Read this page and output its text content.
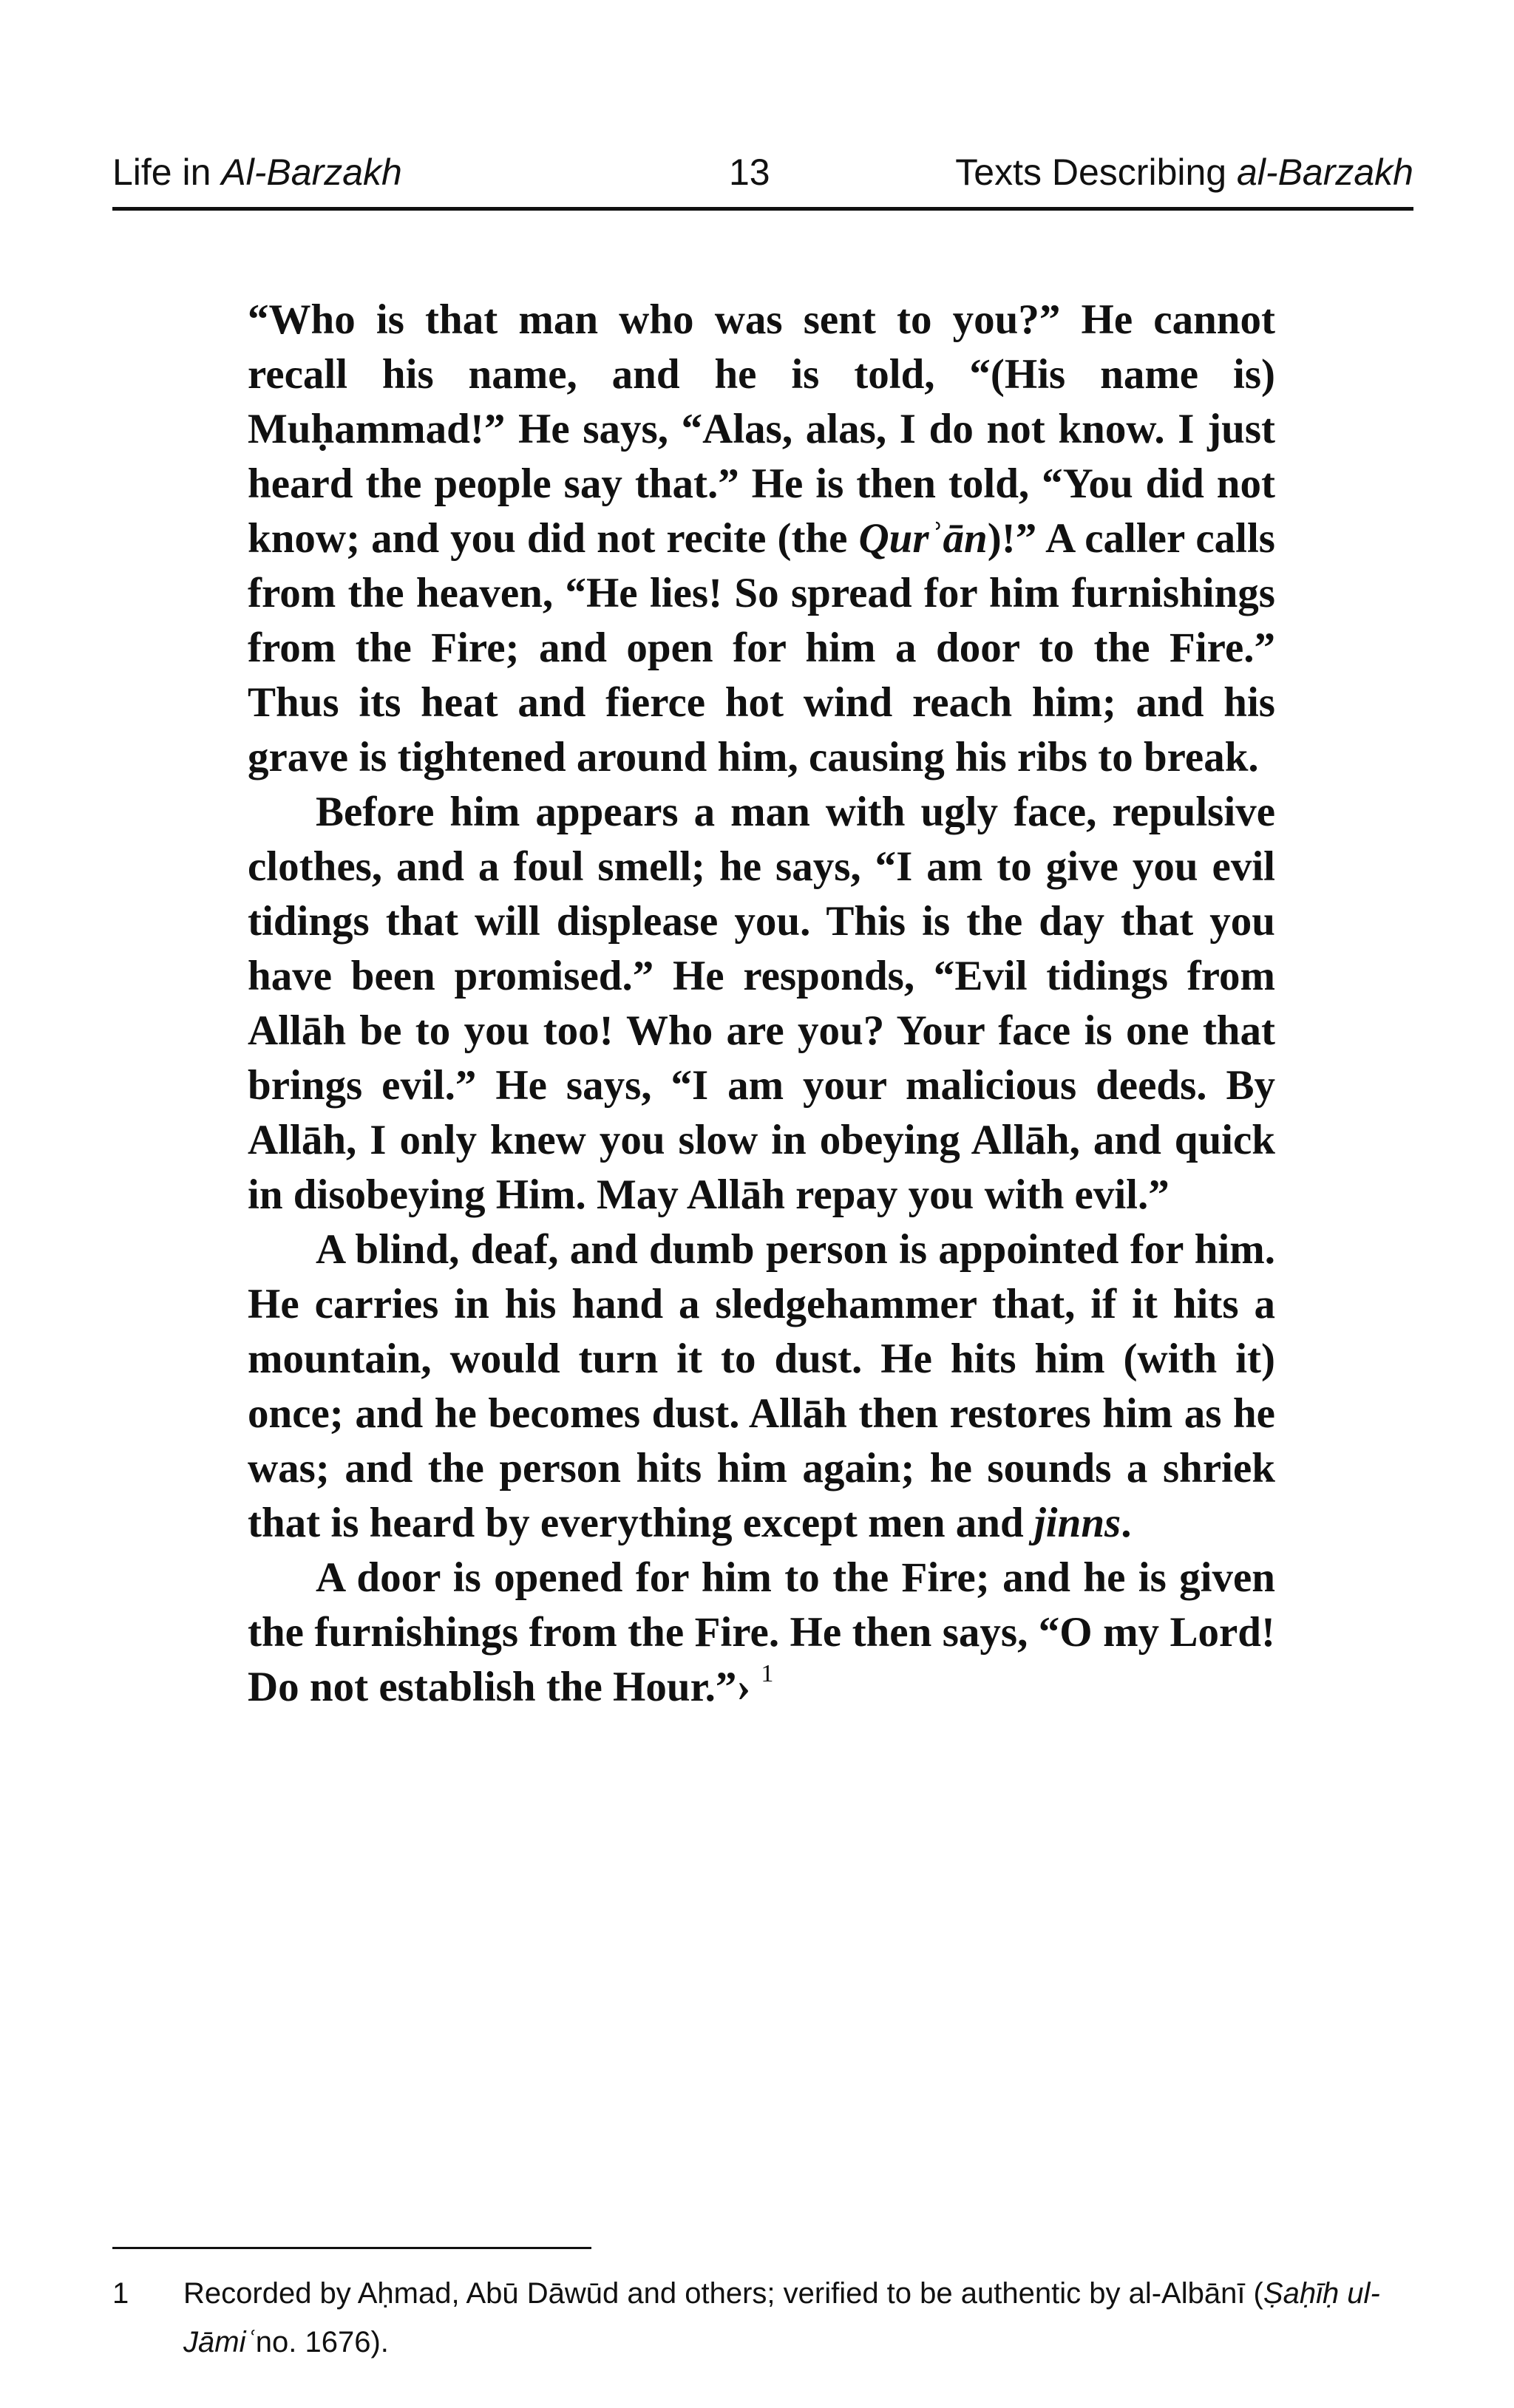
Life in Al-Barzakh	13	Texts Describing al-Barzakh

“Who is that man who was sent to you?” He cannot recall his name, and he is told, “(His name is) Muḥammad!” He says, “Alas, alas, I do not know. I just heard the people say that.” He is then told, “You did not know; and you did not recite (the Qurʾān)!” A caller calls from the heaven, “He lies! So spread for him furnishings from the Fire; and open for him a door to the Fire.” Thus its heat and fierce hot wind reach him; and his grave is tightened around him, causing his ribs to break.

Before him appears a man with ugly face, repulsive clothes, and a foul smell; he says, “I am to give you evil tidings that will displease you. This is the day that you have been promised.” He responds, “Evil tidings from Allāh be to you too! Who are you? Your face is one that brings evil.” He says, “I am your malicious deeds. By Allāh, I only knew you slow in obeying Allāh, and quick in disobeying Him. May Allāh repay you with evil.”

A blind, deaf, and dumb person is appointed for him. He carries in his hand a sledgehammer that, if it hits a mountain, would turn it to dust. He hits him (with it) once; and he becomes dust. Allāh then restores him as he was; and the person hits him again; he sounds a shriek that is heard by everything except men and jinns.

A door is opened for him to the Fire; and he is given the furnishings from the Fire. He then says, “O my Lord! Do not establish the Hour.”› $^1$

1 Recorded by Aḥmad, Abū Dāwūd and others; verified to be authentic by al-Albānī (Ṣaḥīḥ ul-Jāmiʿno. 1676).
